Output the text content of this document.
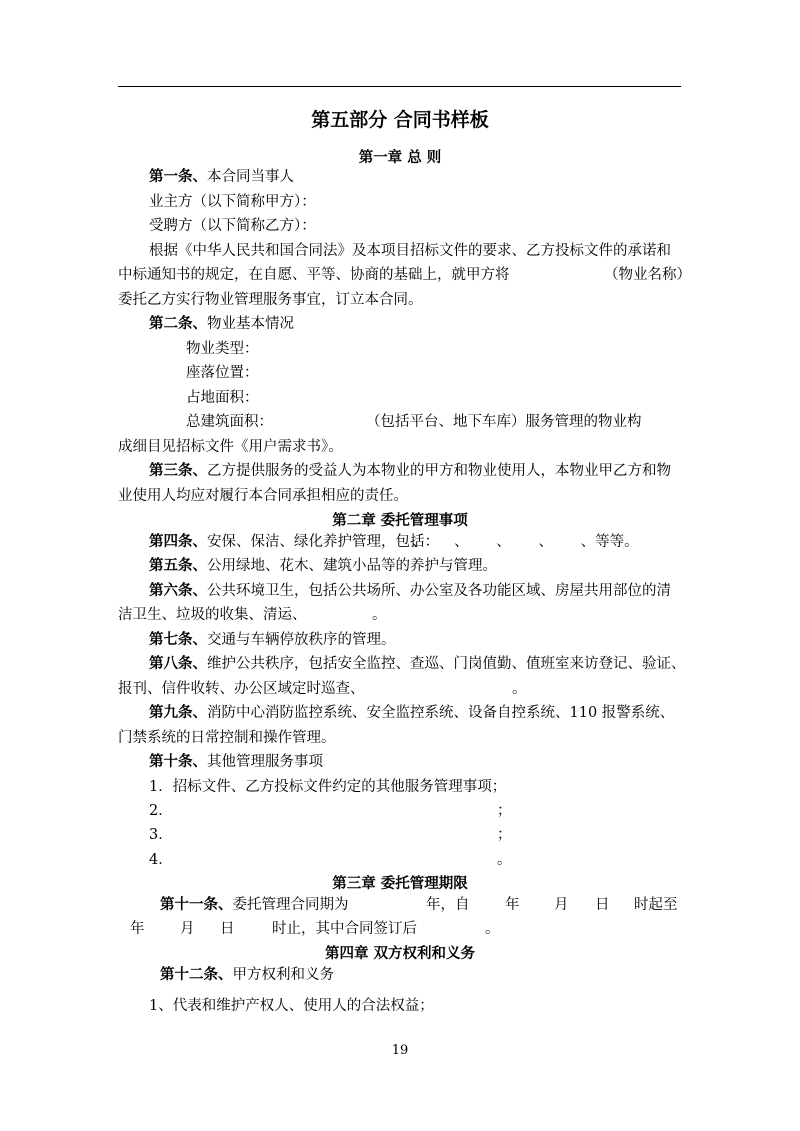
第五部分 合同书样板
第一章 总 则
第一条、本合同当事人
业主方（以下简称甲方）：
受聘方（以下简称乙方）：
根据《中华人民共和国合同法》及本项目招标文件的要求、乙方投标文件的承诺和
中标通知书的规定，在自愿、平等、协商的基础上，就甲方将	（物业名称）
委托乙方实行物业管理服务事宜，订立本合同。
第二条、物业基本情况
物业类型：
座落位置：
占地面积：
总建筑面积：	（包括平台、地下车库）服务管理的物业构
成细目见招标文件《用户需求书》。
第三条、乙方提供服务的受益人为本物业的甲方和物业使用人，本物业甲乙方和物
业使用人均应对履行本合同承担相应的责任。
第二章 委托管理事项
第四条、安保、保洁、绿化养护管理，包括：
、      、      、      、      、等等。
第五条、公用绿地、花木、建筑小品等的养护与管理。
第六条、公共环境卫生，包括公共场所、办公室及各功能区域、房屋共用部位的清
洁卫生、垃圾的收集、清运、	。
第七条、交通与车辆停放秩序的管理。
第八条、维护公共秩序，包括安全监控、查巡、门岗值勤、值班室来访登记、验证、
报刊、信件收转、办公区域定时巡查、	。
第九条、消防中心消防监控系统、安全监控系统、设备自控系统、110 报警系统、
门禁系统的日常控制和操作管理。
第十条、其他管理服务事项
1．招标文件、乙方投标文件约定的其他服务管理事项；
2．	；
3．	；
4．	。
第三章 委托管理期限
第十一条、委托管理合同期为	年，自 年 月 日 时起至
年 月 日	时止，其中合同签订后	。
第四章 双方权利和义务
第十二条、甲方权利和义务
1、代表和维护产权人、使用人的合法权益；
19
